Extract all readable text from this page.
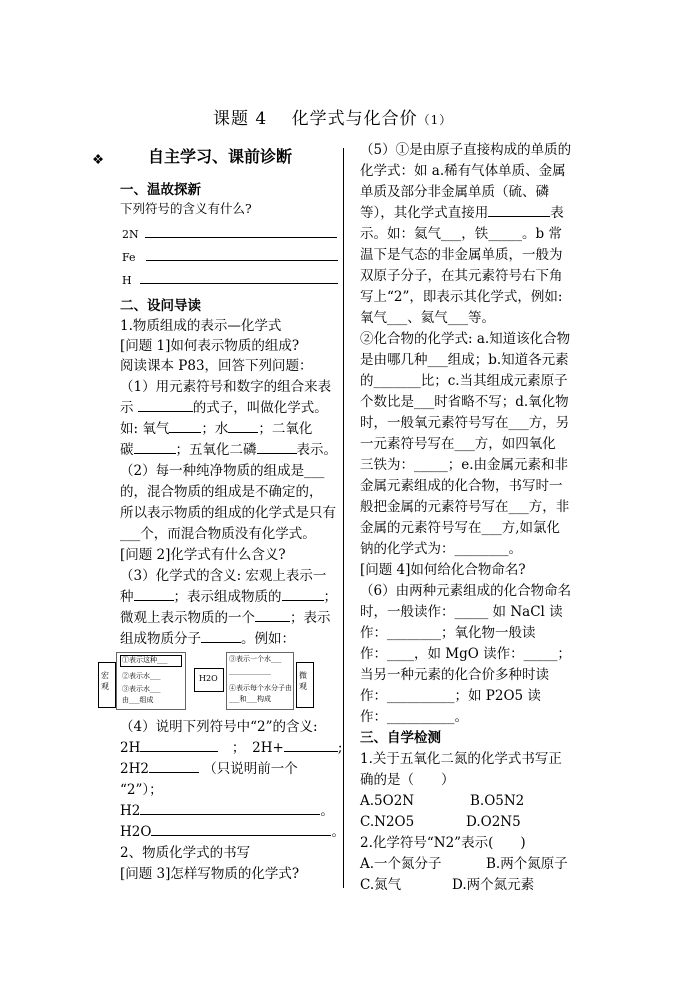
课题 4　 化学式与化合价（1）
❖	自主学习、课前诊断
一、温故探新
下列符号的含义有什么?
2N
Fe
H
二、设问导读
1.物质组成的表示—化学式
[问题 1]如何表示物质的组成?
阅读课本 P83，回答下列问题：
（1）用元素符号和数字的组合来表
示	的式子，叫做化学式。
如: 氧气 ；水 ；二氧化
碳	；五氧化二磷	表示。
（2）每一种纯净物质的组成是___
的，混合物质的组成是不确定的，
所以表示物质的组成的化学式是只有
___个，而混合物质没有化学式。
[问题 2]化学式有什么含义?
（3）化学式的含义: 宏观上表示一
种	；表示组成物质的	；
微观上表示物质的一个	；表示
组成物质分子	。例如：
宏观
①表示这种___
②表示水___
③表示水___
由___组成
H2O
③表示一个水___
____________
④表示每个水分子由
___和___构成
微观
（4）说明下列符号中“2”的含义:
2H　	；　 2H+	;
2H2	（只说明前一个
“2”）；
H2	。
H2O	。
2、物质化学式的书写
[问题 3]怎样写物质的化学式?
（5）①是由原子直接构成的单质的
化学式：如 a.稀有气体单质、金属
单质及部分非金属单质（硫、磷
等），其化学式直接用	表
示。如：氦气___，铁_____。b 常
温下是气态的非金属单质，一般为
双原子分子，在其元素符号右下角
写上“2”，即表示其化学式，例如:
氧气___、氦气___等。
②化合物的化学式: a.知道该化合物
是由哪几种___组成；b.知道各元素
的_______比；c.当其组成元素原子
个数比是___时省略不写；d.氧化物
时，一般氧元素符号写在___方，另
一元素符号写在___方，如四氧化
三铁为：_____；e.由金属元素和非
金属元素组成的化合物，书写时一
般把金属的元素符号写在___方，非
金属的元素符号写在___方,如氯化
钠的化学式为：________。
[问题 4]如何给化合物命名?
（6）由两种元素组成的化合物命名
时，一般读作：_____ 如 NaCl 读
作：________；氧化物一般读
作：____，如 MgO 读作：_____；
当另一种元素的化合价多种时读
作：__________；如 P2O5 读
作：__________。
三、自学检测
1.关于五氧化二氮的化学式书写正
确的是（　　）
A.5O2N	B.O5N2
C.N2O5	D.O2N5
2.化学符号“N2”表示(　　)
A.一个氮分子	B.两个氮原子
C.氮气	D.两个氮元素
